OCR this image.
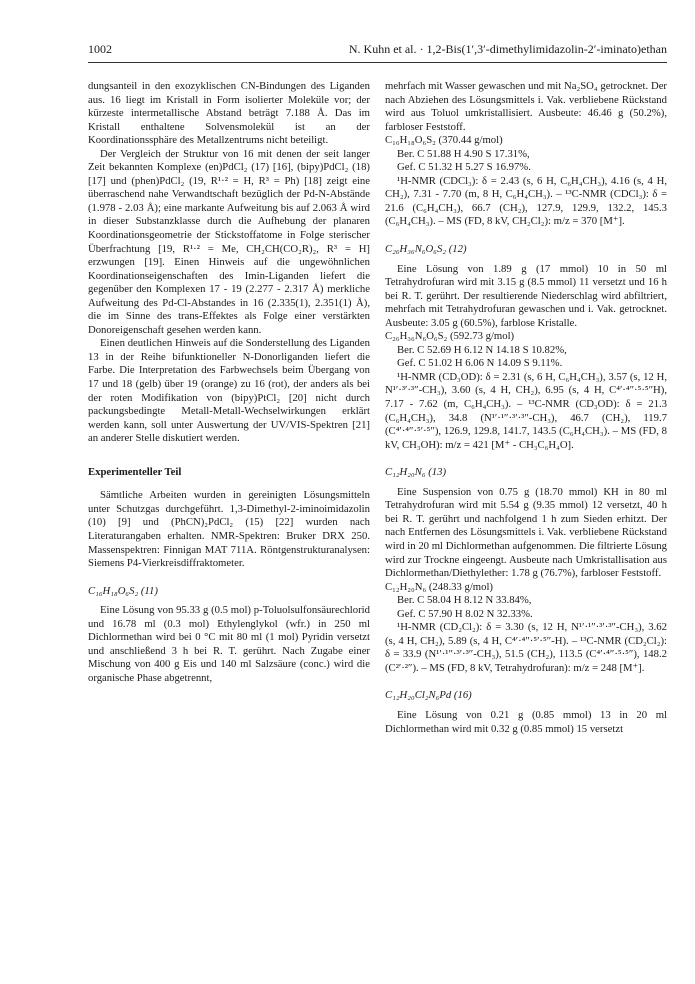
1002	N. Kuhn et al. · 1,2-Bis(1′,3′-dimethylimidazolin-2′-iminato)ethan

dungsanteil in den exozyklischen CN-Bindungen des Liganden aus. 16 liegt im Kristall in Form isolierter Moleküle vor; der kürzeste intermetallische Abstand beträgt 7.188 Å. Das im Kristall enthaltene Solvensmolekül ist an der Koordinationssphäre des Metallzentrums nicht beteiligt.

Der Vergleich der Struktur von 16 mit denen der seit langer Zeit bekannten Komplexe (en)PdCl₂ (17) [16], (bipy)PdCl₂ (18) [17] und (phen)PdCl₂ (19, R¹·² = H, R³ = Ph) [18] zeigt eine überraschend nahe Verwandtschaft bezüglich der Pd-N-Abstände (1.978 - 2.03 Å); eine markante Aufweitung bis auf 2.063 Å wird in dieser Substanzklasse durch die Aufhebung der planaren Koordinationsgeometrie der Stickstoffatome in Folge sterischer Überfrachtung [19, R¹·² = Me, CH₂CH(CO₂R)₂, R³ = H] erzwungen [19]. Einen Hinweis auf die ungewöhnlichen Koordinationseigenschaften des Imin-Liganden liefert die gegenüber den Komplexen 17 - 19 (2.277 - 2.317 Å) merkliche Aufweitung des Pd-Cl-Abstandes in 16 (2.335(1), 2.351(1) Å), die im Sinne des trans-Effektes als Folge einer verstärkten Donoreigenschaft gesehen werden kann.

Einen deutlichen Hinweis auf die Sonderstellung des Liganden 13 in der Reihe bifunktioneller N-Donorliganden liefert die Farbe. Die Interpretation des Farbwechsels beim Übergang von 17 und 18 (gelb) über 19 (orange) zu 16 (rot), der anders als bei der roten Modifikation von (bipy)PtCl₂ [20] nicht durch packungsbedingte Metall-Metall-Wechselwirkungen erklärt werden kann, soll unter Auswertung der UV/VIS-Spektren [21] an anderer Stelle diskutiert werden.

Experimenteller Teil

Sämtliche Arbeiten wurden in gereinigten Lösungsmitteln unter Schutzgas durchgeführt. 1,3-Dimethyl-2-iminoimidazolin (10) [9] und (PhCN)₂PdCl₂ (15) [22] wurden nach Literaturangaben erhalten. NMR-Spektren: Bruker DRX 250. Massenspektren: Finnigan MAT 711A. Röntgenstrukturanalysen: Siemens P4-Vierkreisdiffraktometer.

C₁₆H₁₈O₆S₂ (11)

Eine Lösung von 95.33 g (0.5 mol) p-Toluolsulfonsäurechlorid und 16.78 ml (0.3 mol) Ethylenglykol (wfr.) in 250 ml Dichlormethan wird bei 0 °C mit 80 ml (1 mol) Pyridin versetzt und anschließend 3 h bei R. T. gerührt. Nach Zugabe einer Mischung von 400 g Eis und 140 ml Salzsäure (conc.) wird die organische Phase abgetrennt,

mehrfach mit Wasser gewaschen und mit Na₂SO₄ getrocknet. Der nach Abziehen des Lösungsmittels i. Vak. verbliebene Rückstand wird aus Toluol umkristallisiert. Ausbeute: 46.46 g (50.2%), farbloser Feststoff.

C₁₆H₁₈O₆S₂ (370.44 g/mol)
Ber. C 51.88 H 4.90 S 17.31%,
Gef. C 51.32 H 5.27 S 16.97%.

¹H-NMR (CDCl₃): δ = 2.43 (s, 6 H, C₆H₄CH₃), 4.16 (s, 4 H, CH₂), 7.31 - 7.70 (m, 8 H, C₆H₄CH₃). – ¹³C-NMR (CDCl₃): δ = 21.6 (C₆H₄CH₃), 66.7 (CH₂), 127.9, 129.9, 132.2, 145.3 (C₆H₄CH₃). – MS (FD, 8 kV, CH₂Cl₂): m/z = 370 [M⁺].

C₂₆H₃₆N₆O₆S₂ (12)

Eine Lösung von 1.89 g (17 mmol) 10 in 50 ml Tetrahydrofuran wird mit 3.15 g (8.5 mmol) 11 versetzt und 16 h bei R. T. gerührt. Der resultierende Niederschlag wird abfiltriert, mehrfach mit Tetrahydrofuran gewaschen und i. Vak. getrocknet. Ausbeute: 3.05 g (60.5%), farblose Kristalle.

C₂₆H₃₆N₆O₆S₂ (592.73 g/mol)
Ber. C 52.69 H 6.12 N 14.18 S 10.82%,
Gef. C 51.02 H 6.06 N 14.09 S 9.11%.

¹H-NMR (CD₃OD): δ = 2.31 (s, 6 H, C₆H₄CH₃), 3.57 (s, 12 H, N¹′·³′·³″-CH₃), 3.60 (s, 4 H, CH₂), 6.95 (s, 4 H, C⁴′·⁴″·⁵·⁵″H), 7.17 - 7.62 (m, C₆H₄CH₃). – ¹³C-NMR (CD₃OD): δ = 21.3 (C₆H₄CH₃), 34.8 (N¹′·¹″·³′·³″-CH₃), 46.7 (CH₂), 119.7 (C⁴′·⁴″·⁵′·⁵″), 126.9, 129.8, 141.7, 143.5 (C₆H₄CH₃). – MS (FD, 8 kV, CH₃OH): m/z = 421 [M⁺ - CH₃C₆H₄O].

C₁₂H₂₀N₆ (13)

Eine Suspension von 0.75 g (18.70 mmol) KH in 80 ml Tetrahydrofuran wird mit 5.54 g (9.35 mmol) 12 versetzt, 40 h bei R. T. gerührt und nachfolgend 1 h zum Sieden erhitzt. Der nach Entfernen des Lösungsmittels i. Vak. verbliebene Rückstand wird in 20 ml Dichlormethan aufgenommen. Die filtrierte Lösung wird zur Trockne eingeengt. Ausbeute nach Umkristallisation aus Dichlormethan/Diethylether: 1.78 g (76.7%), farbloser Feststoff.

C₁₂H₂₀N₆ (248.33 g/mol)
Ber. C 58.04 H 8.12 N 33.84%,
Gef. C 57.90 H 8.02 N 32.33%.

¹H-NMR (CD₂Cl₂): δ = 3.30 (s, 12 H, N¹′·¹″·³′·³″-CH₃), 3.62 (s, 4 H, CH₂), 5.89 (s, 4 H, C⁴′·⁴″·⁵′·⁵″-H). – ¹³C-NMR (CD₂Cl₂): δ = 33.9 (N¹′·¹″·³′·³″-CH₃), 51.5 (CH₂), 113.5 (C⁴′·⁴″·⁵·⁵″), 148.2 (C²′·²″). – MS (FD, 8 kV, Tetrahydrofuran): m/z = 248 [M⁺].

C₁₂H₂₀Cl₂N₆Pd (16)

Eine Lösung von 0.21 g (0.85 mmol) 13 in 20 ml Dichlormethan wird mit 0.32 g (0.85 mmol) 15 versetzt
